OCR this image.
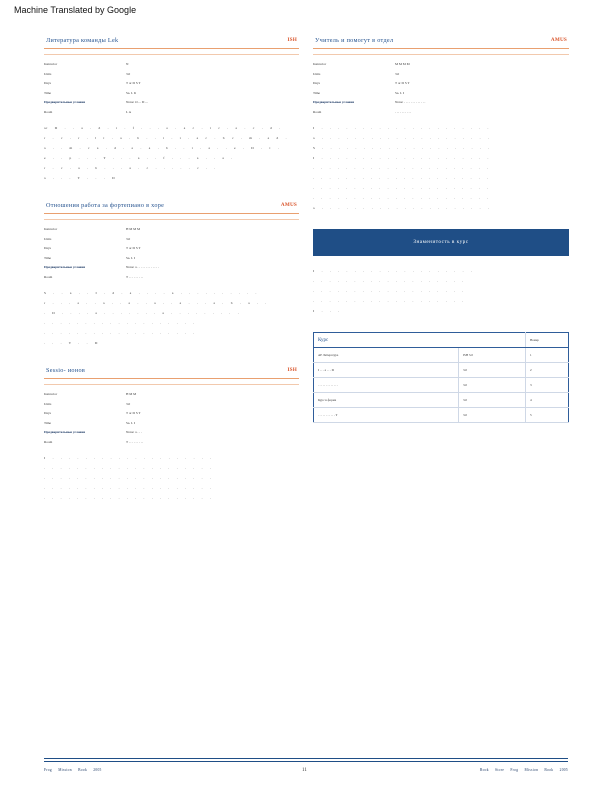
Machine Translated by Google
Литература команды Lek	ISH
Instructor	N
Units	3.0
Days	T or D S T
Time	Sa. I. Ii
Предварительные условия	None: O ... D ...
Room	I. A
ac D . . a . d . r . f . . . o . a c . t c . a . c . d .
r . c . r . l t . a . b . . t . r . a c . b c . m . a d .
a . . m . c a . d . a . a . b . . t . a . . e . D . t .
e . . p . . . T . . . a . . f . . . a . . a .
r . c . a . b . . . a . c . . . . . c . .
a . . . T . . . D
Отношения работа за фортепиано в хоре	AMUS
Instructor	H M M M
Units	3.0
Days	T or D S T
Time	Sa. I. I
Предварительные условия	None: a . . . . . . . . . . . . .
Room	T . . . . . . . . .
S . . a . . I . d . a . . . . a . . . . . . . . . .
r . . . a . . a . . a . . a . . a . . . a . b . a . .
. D . . . . a . . . . . . . a . . . . . . . . .
. . . . . . . . . . . . . . . . . . .
. . . . . . . . . . . . . . . . . . .
. . . T . . D
Sessio- ионов	ISH
Instructor	H M M
Units	3.0
Days	T or D S T
Time	Sa. I. I
Предварительные условия	None: a . . .
Room	T . . . . . . . . .
I . . . . . . . . . . . . . . . . . . . .
. . . . . . . . . . . . . . . . . . . . .
. . . . . . . . . . . . . . . . . . . . .
. . . . . . . . . . . . . . . . . . . . .
. . . . . . . . . . . . . . . . . . . . .
Учитель и помогут в отдел	AMUS
Instructor	M M M M
Units	3.0
Days	T or D S T
Time	Sa. I. I
Предварительные условия	None: . . . . . . . . . . . . .
Room	. . . . . . . . . .
I . . . . . . . . . . . . . . . . . . . . .
a . . . . . . . . . . . . . . . . . . . . .
S . . . . . . . . . . . . . . . . . . . . .
I . . . . . . . . . . . . . . . . . . . . .
. . . . . . . . . . . . . . . . . . . . . .
. . . . . . . . . . . . . . . . . . . . . .
. . . . . . . . . . . . . . . . . . . . . .
. . . . . . . . . . . . . . . . . . . . . .
a . . . . . . . . . . . . . . . . . . . . .
Знаменитость в курс
I . . . . . . . . . . . . . . . . . . .
. . . . . . . . . . . . . . . . . . .
. . . . . . . . . . . . . . . . . . .
. . . . . . . . . . . . . . . . . . .
I . . .
Курс		Номер
AP Литература	ISH 3.0	1
I . . . a . . . D	3.0	2
. . . . . . . . . . . . .	3.0	3
Курс в форма	3.0	4
. . . . . . . . . . . T	3.0	5
Frog Mission Book 2005	11	Book Store Frog Mission Book 2005
